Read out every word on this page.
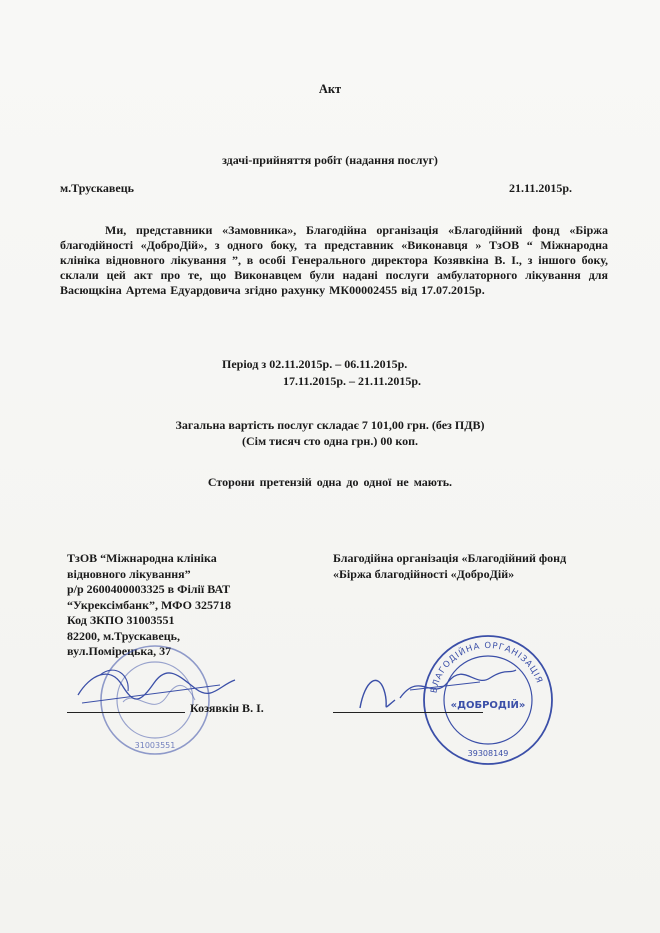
Акт
здачі-прийняття робіт (надання послуг)
м.Трускавець	21.11.2015р.
Ми, представники «Замовника», Благодійна організація «Благодійний фонд «Біржа благодійності «ДоброДій», з одного боку, та представник «Виконавця » ТзОВ “ Міжнародна клініка відновного лікування ”, в особі Генерального директора Козявкіна В. І., з іншого боку, склали цей акт про те, що Виконавцем були надані послуги амбулаторного лікування для Васющкіна Артема Едуардовича згідно рахунку МК00002455 від 17.07.2015р.
Період з 02.11.2015р. – 06.11.2015р.
17.11.2015р. – 21.11.2015р.
Загальна вартість послуг складає 7 101,00 грн. (без ПДВ)
(Сім тисяч сто одна грн.) 00 коп.
Сторони претензій одна до одної не мають.
ТзОВ “Міжнародна клініка
відновного лікування”
р/р 2600400003325 в Філії ВАТ
“Укрексімбанк”, МФО 325718
Код ЗКПО 31003551
82200, м.Трускавець,
вул.Помірецька, 37
Благодійна організація «Благодійний фонд
«Біржа благодійності «ДоброДій»
31003551
Козявкін В. І.
БЛАГОДІЙНА ОРГАНІЗАЦІЯ
«ДОБРОДІЙ»
39308149
